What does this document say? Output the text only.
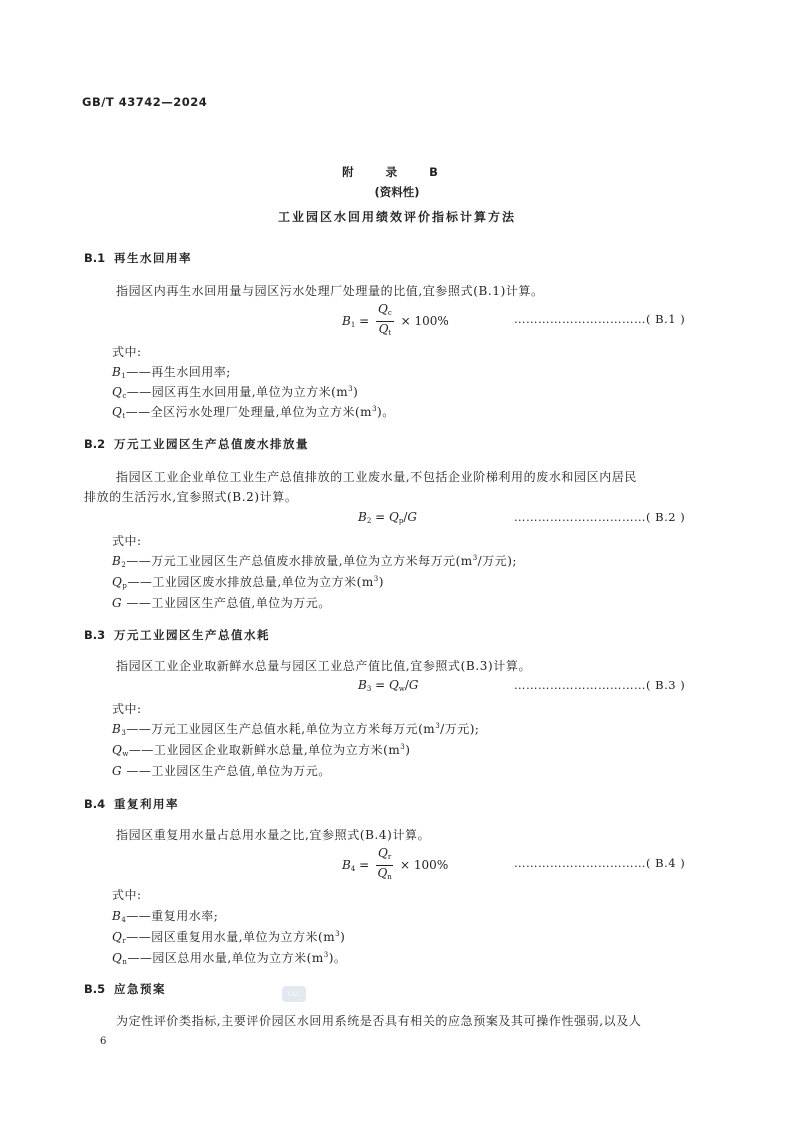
GB/T 43742—2024
附 录 B
(资料性)
工业园区水回用绩效评价指标计算方法
B.1 再生水回用率
指园区内再生水回用量与园区污水处理厂处理量的比值,宜参照式(B.1)计算。
$B_1 = \frac{Q_c}{Q_t} \times 100\%$	……………………………( B.1 )
式中:
$B_1——$再生水回用率;
$Q_c——$园区再生水回用量,单位为立方米$(m^3)$
$Q_t——$全区污水处理厂处理量,单位为立方米$(m^3)$。
B.2 万元工业园区生产总值废水排放量
指园区工业企业单位工业生产总值排放的工业废水量,不包括企业阶梯利用的废水和园区内居民
排放的生活污水,宜参照式(B.2)计算。
$B_2 = Q_p/G$	……………………………( B.2 )
式中:
$B_2——$万元工业园区生产总值废水排放量,单位为立方米每万元($m^3/$万元);
$Q_p——$工业园区废水排放总量,单位为立方米$(m^3)$
G ——工业园区生产总值,单位为万元。
B.3 万元工业园区生产总值水耗
指园区工业企业取新鲜水总量与园区工业总产值比值,宜参照式(B.3)计算。
$B_3 = Q_w/G$	……………………………( B.3 )
式中:
$B_3——$万元工业园区生产总值水耗,单位为立方米每万元($m^3/$万元);
$Q_w——$工业园区企业取新鲜水总量,单位为立方米$(m^3)$
G ——工业园区生产总值,单位为万元。
B.4 重复利用率
指园区重复用水量占总用水量之比,宜参照式(B.4)计算。
$B_4 = \frac{Q_r}{Q_n} \times 100\%$	……………………………( B.4 )
式中:
$B_4——$重复用水率;
$Q_r——$园区重复用水量,单位为立方米$(m^3)$
$Q_n——$园区总用水量,单位为立方米$(m^3)$。
B.5 应急预案	csc
为定性评价类指标,主要评价园区水回用系统是否具有相关的应急预案及其可操作性强弱,以及人
6
